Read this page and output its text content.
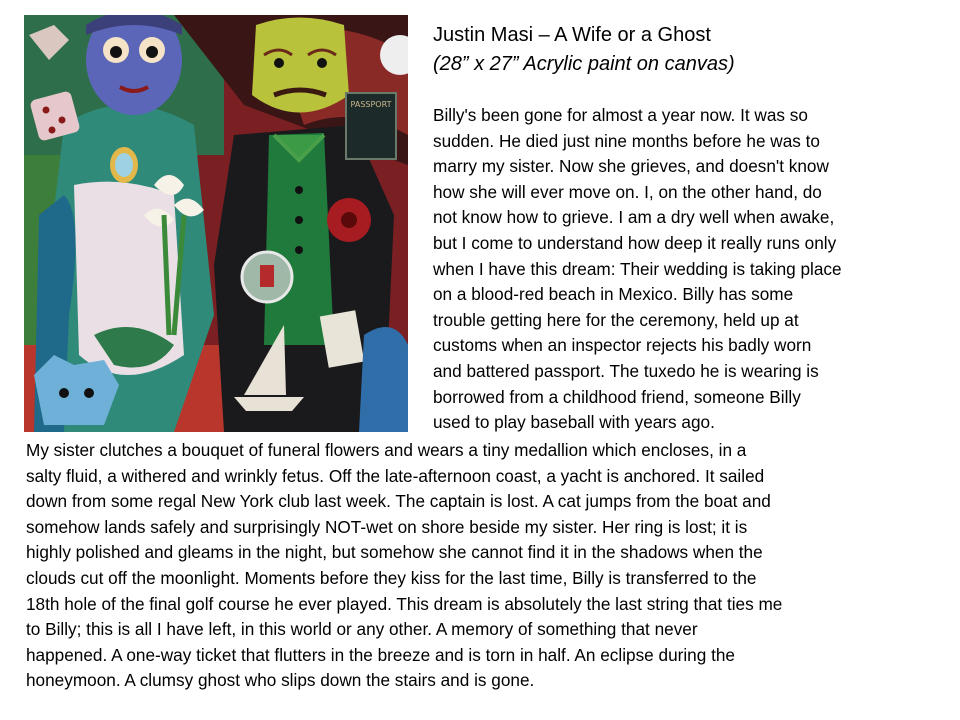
PASSPORT
Justin Masi – A Wife or a Ghost
(28” x 27” Acrylic paint on canvas)
Billy's been gone for almost a year now. It was so
sudden. He died just nine months before he was to
marry my sister. Now she grieves, and doesn't know
how she will ever move on. I, on the other hand, do
not know how to grieve. I am a dry well when awake,
but I come to understand how deep it really runs only
when I have this dream: Their wedding is taking place
on a blood-red beach in Mexico. Billy has some
trouble getting here for the ceremony, held up at
customs when an inspector rejects his badly worn
and battered passport. The tuxedo he is wearing is
borrowed from a childhood friend, someone Billy
used to play baseball with years ago.
My sister clutches a bouquet of funeral flowers and wears a tiny medallion which encloses, in a
salty fluid, a withered and wrinkly fetus. Off the late-afternoon coast, a yacht is anchored. It sailed
down from some regal New York club last week. The captain is lost. A cat jumps from the boat and
somehow lands safely and surprisingly NOT-wet on shore beside my sister. Her ring is lost; it is
highly polished and gleams in the night, but somehow she cannot find it in the shadows when the
clouds cut off the moonlight. Moments before they kiss for the last time, Billy is transferred to the
18th hole of the final golf course he ever played. This dream is absolutely the last string that ties me
to Billy; this is all I have left, in this world or any other. A memory of something that never
happened. A one-way ticket that flutters in the breeze and is torn in half. An eclipse during the
honeymoon. A clumsy ghost who slips down the stairs and is gone.
